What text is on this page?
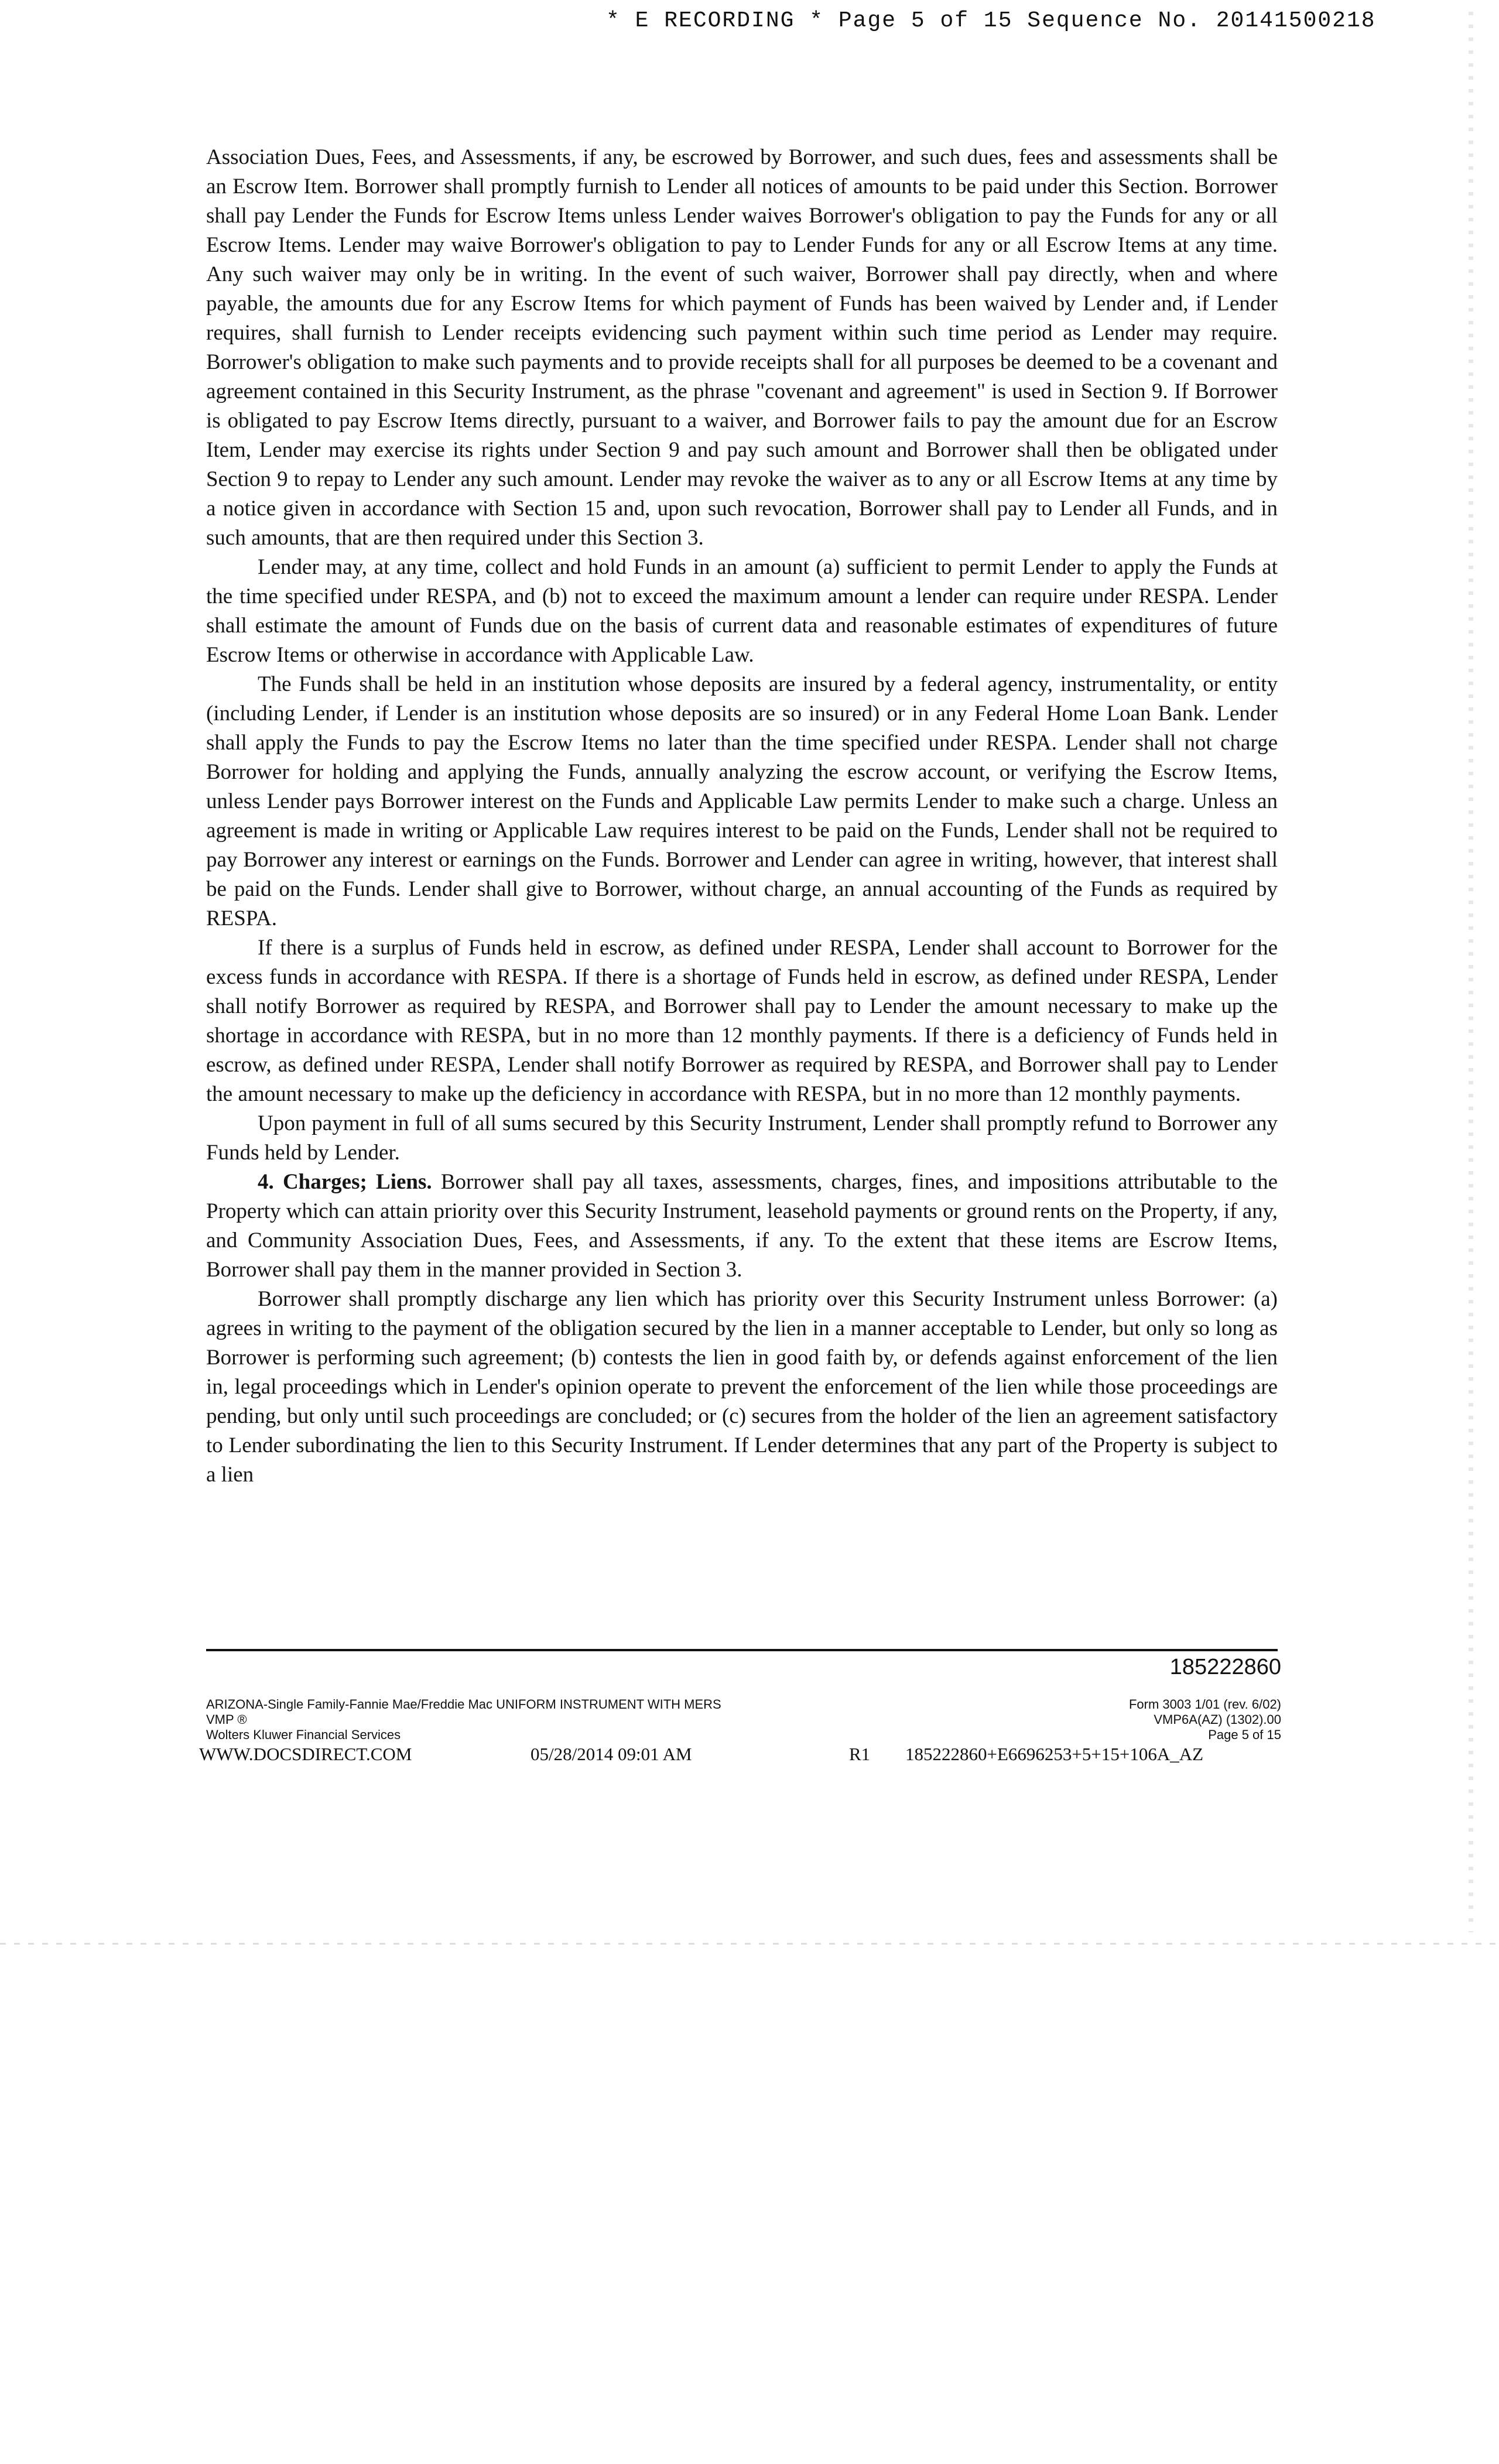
* E RECORDING * Page 5 of 15 Sequence No. 20141500218

Association Dues, Fees, and Assessments, if any, be escrowed by Borrower, and such dues, fees and assessments shall be an Escrow Item. Borrower shall promptly furnish to Lender all notices of amounts to be paid under this Section. Borrower shall pay Lender the Funds for Escrow Items unless Lender waives Borrower's obligation to pay the Funds for any or all Escrow Items. Lender may waive Borrower's obligation to pay to Lender Funds for any or all Escrow Items at any time. Any such waiver may only be in writing. In the event of such waiver, Borrower shall pay directly, when and where payable, the amounts due for any Escrow Items for which payment of Funds has been waived by Lender and, if Lender requires, shall furnish to Lender receipts evidencing such payment within such time period as Lender may require. Borrower's obligation to make such payments and to provide receipts shall for all purposes be deemed to be a covenant and agreement contained in this Security Instrument, as the phrase "covenant and agreement" is used in Section 9. If Borrower is obligated to pay Escrow Items directly, pursuant to a waiver, and Borrower fails to pay the amount due for an Escrow Item, Lender may exercise its rights under Section 9 and pay such amount and Borrower shall then be obligated under Section 9 to repay to Lender any such amount. Lender may revoke the waiver as to any or all Escrow Items at any time by a notice given in accordance with Section 15 and, upon such revocation, Borrower shall pay to Lender all Funds, and in such amounts, that are then required under this Section 3.

Lender may, at any time, collect and hold Funds in an amount (a) sufficient to permit Lender to apply the Funds at the time specified under RESPA, and (b) not to exceed the maximum amount a lender can require under RESPA. Lender shall estimate the amount of Funds due on the basis of current data and reasonable estimates of expenditures of future Escrow Items or otherwise in accordance with Applicable Law.

The Funds shall be held in an institution whose deposits are insured by a federal agency, instrumentality, or entity (including Lender, if Lender is an institution whose deposits are so insured) or in any Federal Home Loan Bank. Lender shall apply the Funds to pay the Escrow Items no later than the time specified under RESPA. Lender shall not charge Borrower for holding and applying the Funds, annually analyzing the escrow account, or verifying the Escrow Items, unless Lender pays Borrower interest on the Funds and Applicable Law permits Lender to make such a charge. Unless an agreement is made in writing or Applicable Law requires interest to be paid on the Funds, Lender shall not be required to pay Borrower any interest or earnings on the Funds. Borrower and Lender can agree in writing, however, that interest shall be paid on the Funds. Lender shall give to Borrower, without charge, an annual accounting of the Funds as required by RESPA.

If there is a surplus of Funds held in escrow, as defined under RESPA, Lender shall account to Borrower for the excess funds in accordance with RESPA. If there is a shortage of Funds held in escrow, as defined under RESPA, Lender shall notify Borrower as required by RESPA, and Borrower shall pay to Lender the amount necessary to make up the shortage in accordance with RESPA, but in no more than 12 monthly payments. If there is a deficiency of Funds held in escrow, as defined under RESPA, Lender shall notify Borrower as required by RESPA, and Borrower shall pay to Lender the amount necessary to make up the deficiency in accordance with RESPA, but in no more than 12 monthly payments.

Upon payment in full of all sums secured by this Security Instrument, Lender shall promptly refund to Borrower any Funds held by Lender.

4. Charges; Liens. Borrower shall pay all taxes, assessments, charges, fines, and impositions attributable to the Property which can attain priority over this Security Instrument, leasehold payments or ground rents on the Property, if any, and Community Association Dues, Fees, and Assessments, if any. To the extent that these items are Escrow Items, Borrower shall pay them in the manner provided in Section 3.

Borrower shall promptly discharge any lien which has priority over this Security Instrument unless Borrower: (a) agrees in writing to the payment of the obligation secured by the lien in a manner acceptable to Lender, but only so long as Borrower is performing such agreement; (b) contests the lien in good faith by, or defends against enforcement of the lien in, legal proceedings which in Lender's opinion operate to prevent the enforcement of the lien while those proceedings are pending, but only until such proceedings are concluded; or (c) secures from the holder of the lien an agreement satisfactory to Lender subordinating the lien to this Security Instrument. If Lender determines that any part of the Property is subject to a lien

185222860
ARIZONA-Single Family-Fannie Mae/Freddie Mac UNIFORM INSTRUMENT WITH MERS
VMP ®
Wolters Kluwer Financial Services
Form 3003 1/01 (rev. 6/02)
VMP6A(AZ) (1302).00
Page 5 of 15
WWW.DOCSDIRECT.COM	05/28/2014 09:01 AM	R1 185222860+E6696253+5+15+106A_AZ
